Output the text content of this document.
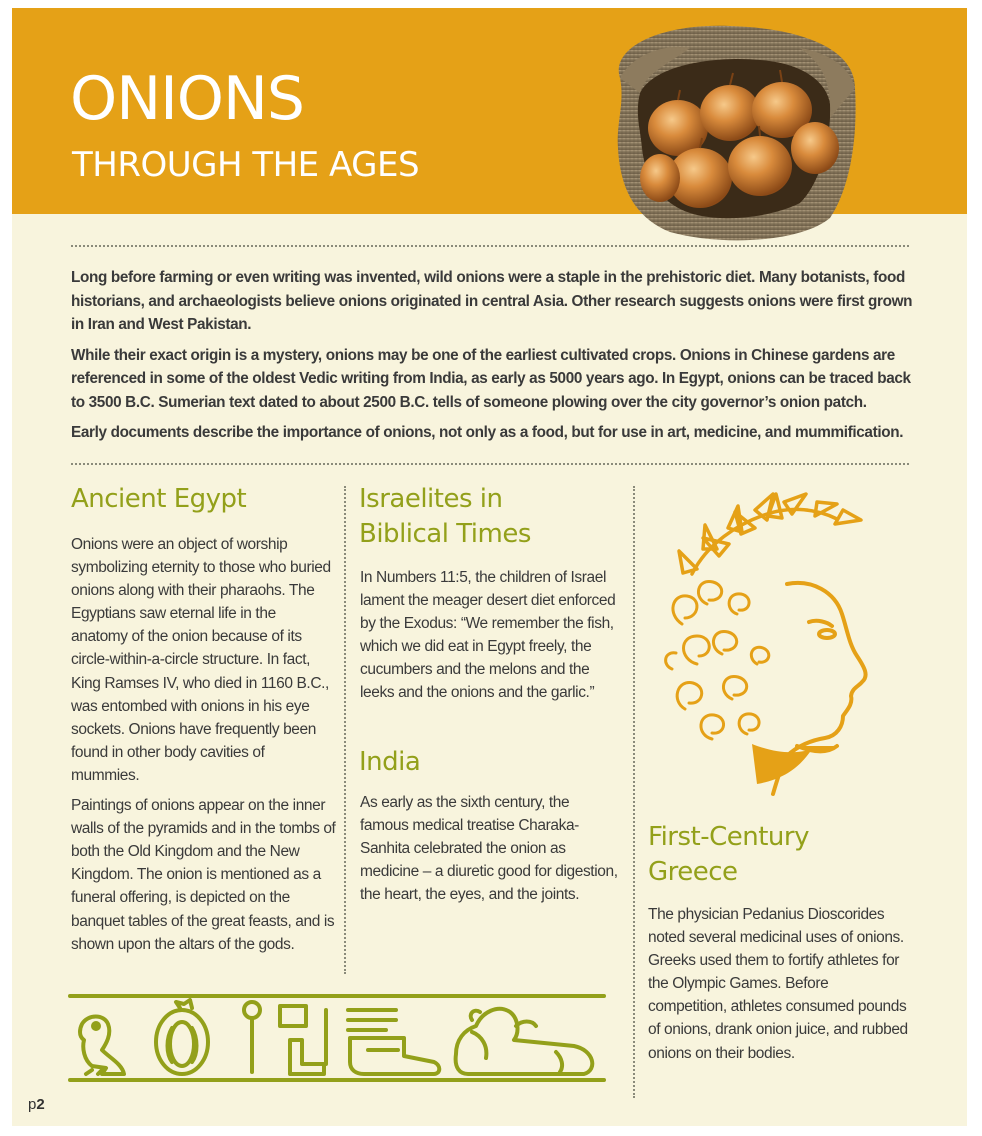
ONIONS
THROUGH THE AGES

Long before farming or even writing was invented, wild onions were a staple in the prehistoric diet. Many botanists, food historians, and archaeologists believe onions originated in central Asia. Other research suggests onions were first grown in Iran and West Pakistan.

While their exact origin is a mystery, onions may be one of the earliest cultivated crops. Onions in Chinese gardens are referenced in some of the oldest Vedic writing from India, as early as 5000 years ago. In Egypt, onions can be traced back to 3500 B.C. Sumerian text dated to about 2500 B.C. tells of someone plowing over the city governor’s onion patch.

Early documents describe the importance of onions, not only as a food, but for use in art, medicine, and mummification.

Ancient Egypt

Onions were an object of worship symbolizing eternity to those who buried onions along with their pharaohs. The Egyptians saw eternal life in the anatomy of the onion because of its circle-within-a-circle structure. In fact, King Ramses IV, who died in 1160 B.C., was entombed with onions in his eye sockets. Onions have frequently been found in other body cavities of mummies.

Paintings of onions appear on the inner walls of the pyramids and in the tombs of both the Old Kingdom and the New Kingdom. The onion is mentioned as a funeral offering, is depicted on the banquet tables of the great feasts, and is shown upon the altars of the gods.

Israelites in
Biblical Times

In Numbers 11:5, the children of Israel lament the meager desert diet enforced by the Exodus: “We remember the fish, which we did eat in Egypt freely, the cucumbers and the melons and the leeks and the onions and the garlic.”

India

As early as the sixth century, the famous medical treatise Charaka-Sanhita celebrated the onion as medicine – a diuretic good for digestion, the heart, the eyes, and the joints.

First-Century
Greece

The physician Pedanius Dioscorides noted several medicinal uses of onions. Greeks used them to fortify athletes for the Olympic Games. Before competition, athletes consumed pounds of onions, drank onion juice, and rubbed onions on their bodies.

p2
